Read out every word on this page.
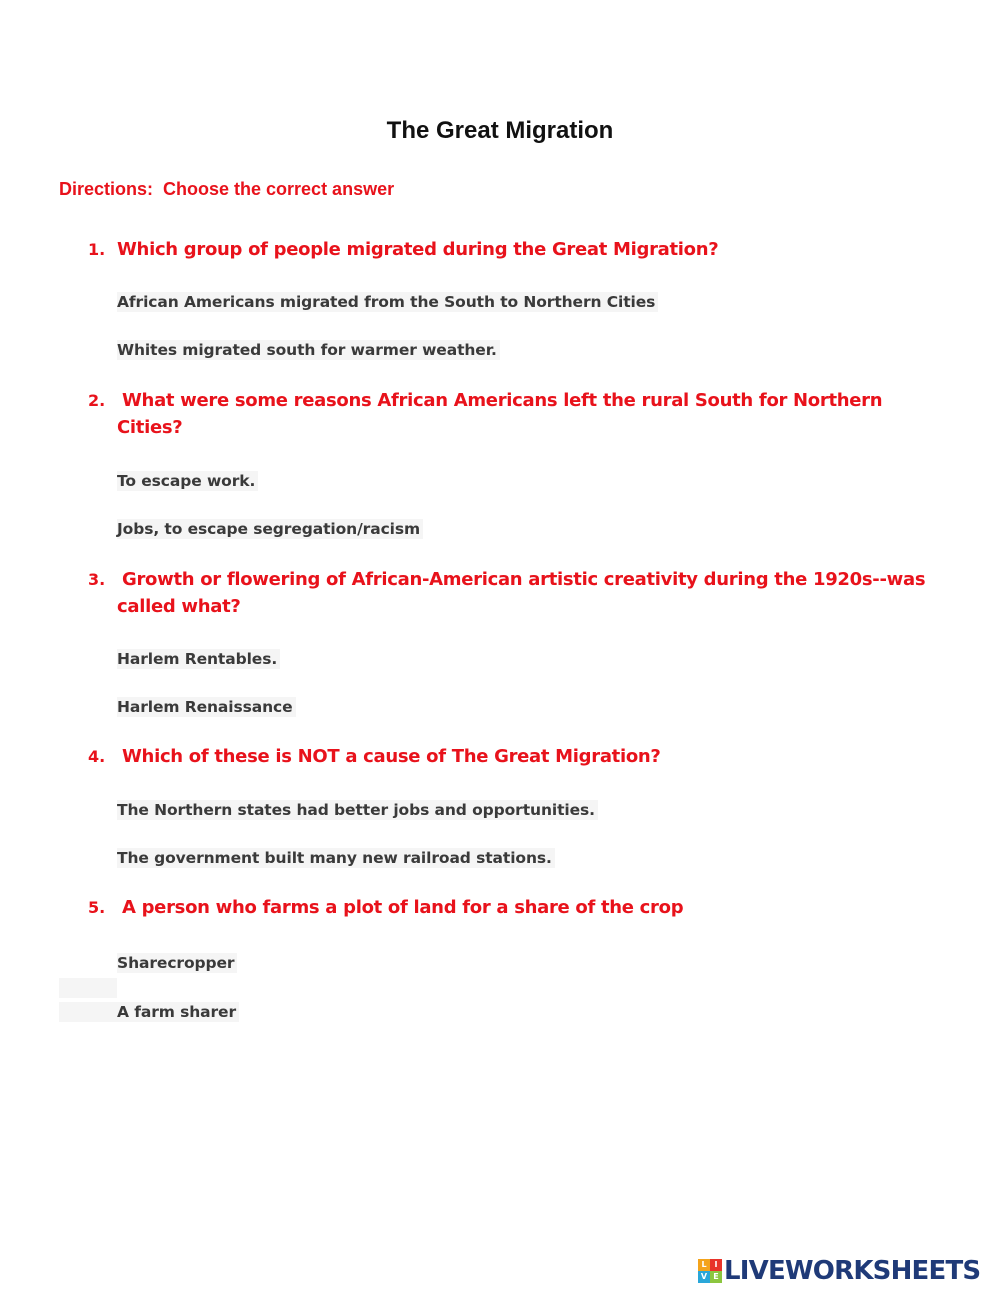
The Great Migration
Directions:  Choose the correct answer
1. Which group of people migrated during the Great Migration?
African Americans migrated from the South to Northern Cities
Whites migrated south for warmer weather.
2. What were some reasons African Americans left the rural South for Northern Cities?
To escape work.
Jobs, to escape segregation/racism
3. Growth or flowering of African-American artistic creativity during the 1920s--was called what?
Harlem Rentables.
Harlem Renaissance
4. Which of these is NOT a cause of The Great Migration?
The Northern states had better jobs and opportunities.
The government built many new railroad stations.
5. A person who farms a plot of land for a share of the crop
Sharecropper
A farm sharer
L I
V E LIVEWORKSHEETS
